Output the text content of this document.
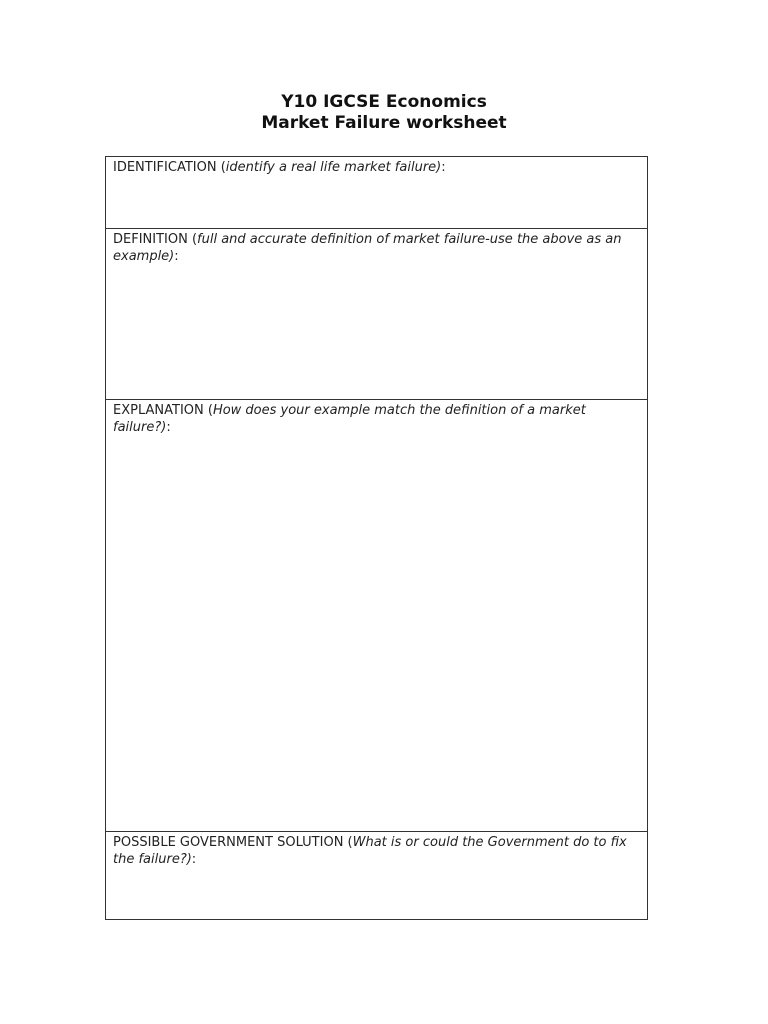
Y10 IGCSE Economics
Market Failure worksheet
IDENTIFICATION (identify a real life market failure):
DEFINITION (full and accurate definition of market failure-use the above as an example):
EXPLANATION (How does your example match the definition of a market failure?):
POSSIBLE GOVERNMENT SOLUTION (What is or could the Government do to fix the failure?):
